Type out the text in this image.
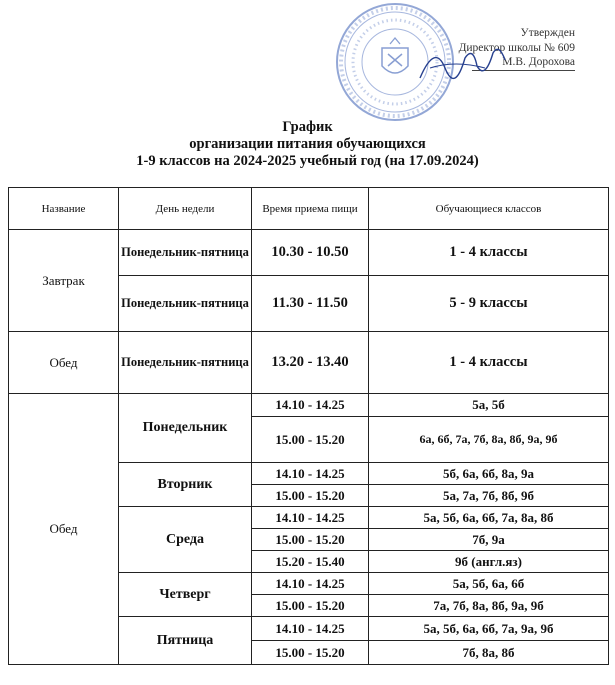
Утвержден
Директор школы № 609
М.В. Дорохова
График
организации питания обучающихся
1-9 классов на 2024-2025 учебный год (на 17.09.2024)
Название	День недели	Время приема пищи	Обучающиеся классов
Завтрак	Понедельник-пятница	10.30 - 10.50	1 - 4 классы
	Понедельник-пятница	11.30 - 11.50	5 - 9 классы
Обед	Понедельник-пятница	13.20 - 13.40	1 - 4 классы
Обед	Понедельник	14.10 - 14.25	5а, 5б
		15.00 - 15.20	6а, 6б, 7а, 7б, 8а, 8б, 9а, 9б
	Вторник	14.10 - 14.25	5б, 6а, 6б, 8а, 9а
		15.00 - 15.20	5а, 7а, 7б, 8б, 9б
	Среда	14.10 - 14.25	5а, 5б, 6а, 6б, 7а, 8а, 8б
		15.00 - 15.20	7б, 9а
		15.20 - 15.40	9б (англ.яз)
	Четверг	14.10 - 14.25	5а, 5б, 6а, 6б
		15.00 - 15.20	7а, 7б, 8а, 8б, 9а, 9б
	Пятница	14.10 - 14.25	5а, 5б, 6а, 6б, 7а, 9а, 9б
		15.00 - 15.20	7б, 8а, 8б
